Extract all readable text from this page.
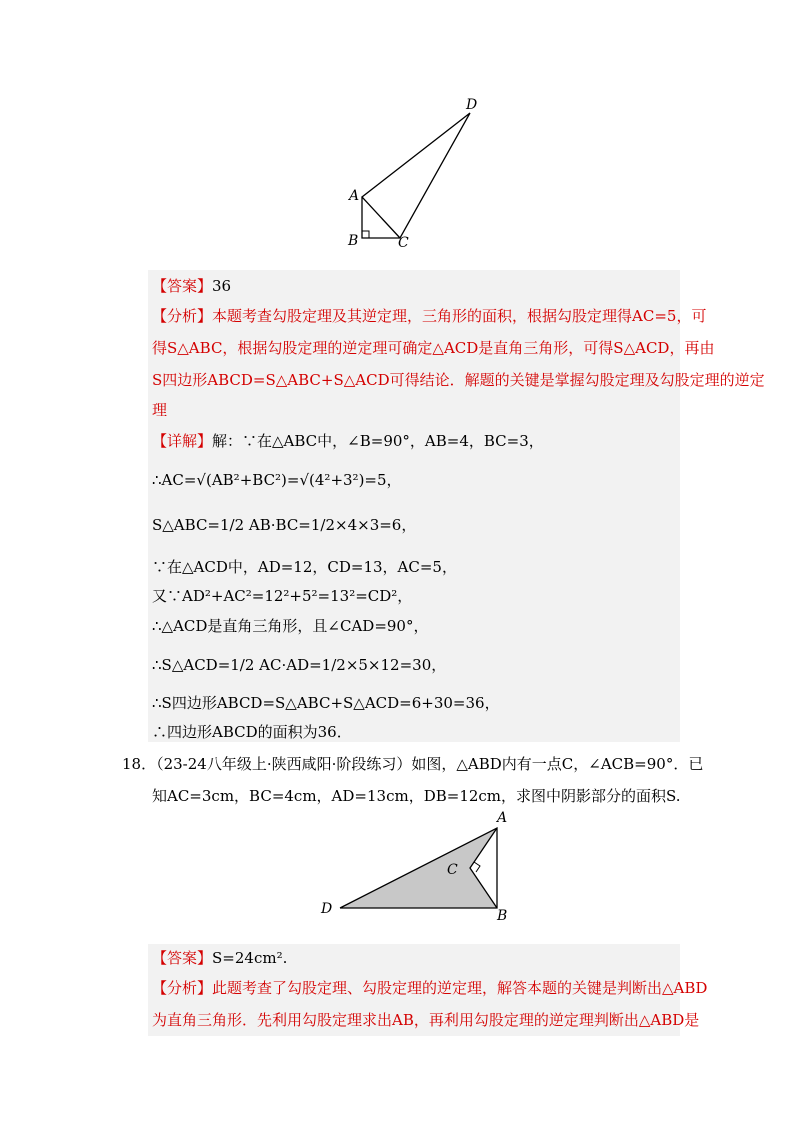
D
A
B	C
【答案】36
【分析】本题考查勾股定理及其逆定理，三角形的面积，根据勾股定理得AC=5，可
得S△ABC，根据勾股定理的逆定理可确定△ACD是直角三角形，可得S△ACD，再由
S四边形ABCD=S△ABC+S△ACD可得结论．解题的关键是掌握勾股定理及勾股定理的逆定
理
【详解】解：∵在△ABC中，∠B=90°，AB=4，BC=3，
∴AC=√(AB²+BC²)=√(4²+3²)=5，
S△ABC=1/2 AB·BC=1/2×4×3=6，
∵在△ACD中，AD=12，CD=13，AC=5，
又∵AD²+AC²=12²+5²=13²=CD²，
∴△ACD是直角三角形，且∠CAD=90°，
∴S△ACD=1/2 AC·AD=1/2×5×12=30，
∴S四边形ABCD=S△ABC+S△ACD=6+30=36，
∴四边形ABCD的面积为36．
18．（23-24八年级上·陕西咸阳·阶段练习）如图，△ABD内有一点C，∠ACB=90°．已
知AC=3cm，BC=4cm，AD=13cm，DB=12cm，求图中阴影部分的面积S.
A
C
D	B
【答案】S=24cm².
【分析】此题考查了勾股定理、勾股定理的逆定理，解答本题的关键是判断出△ABD
为直角三角形．先利用勾股定理求出AB，再利用勾股定理的逆定理判断出△ABD是
